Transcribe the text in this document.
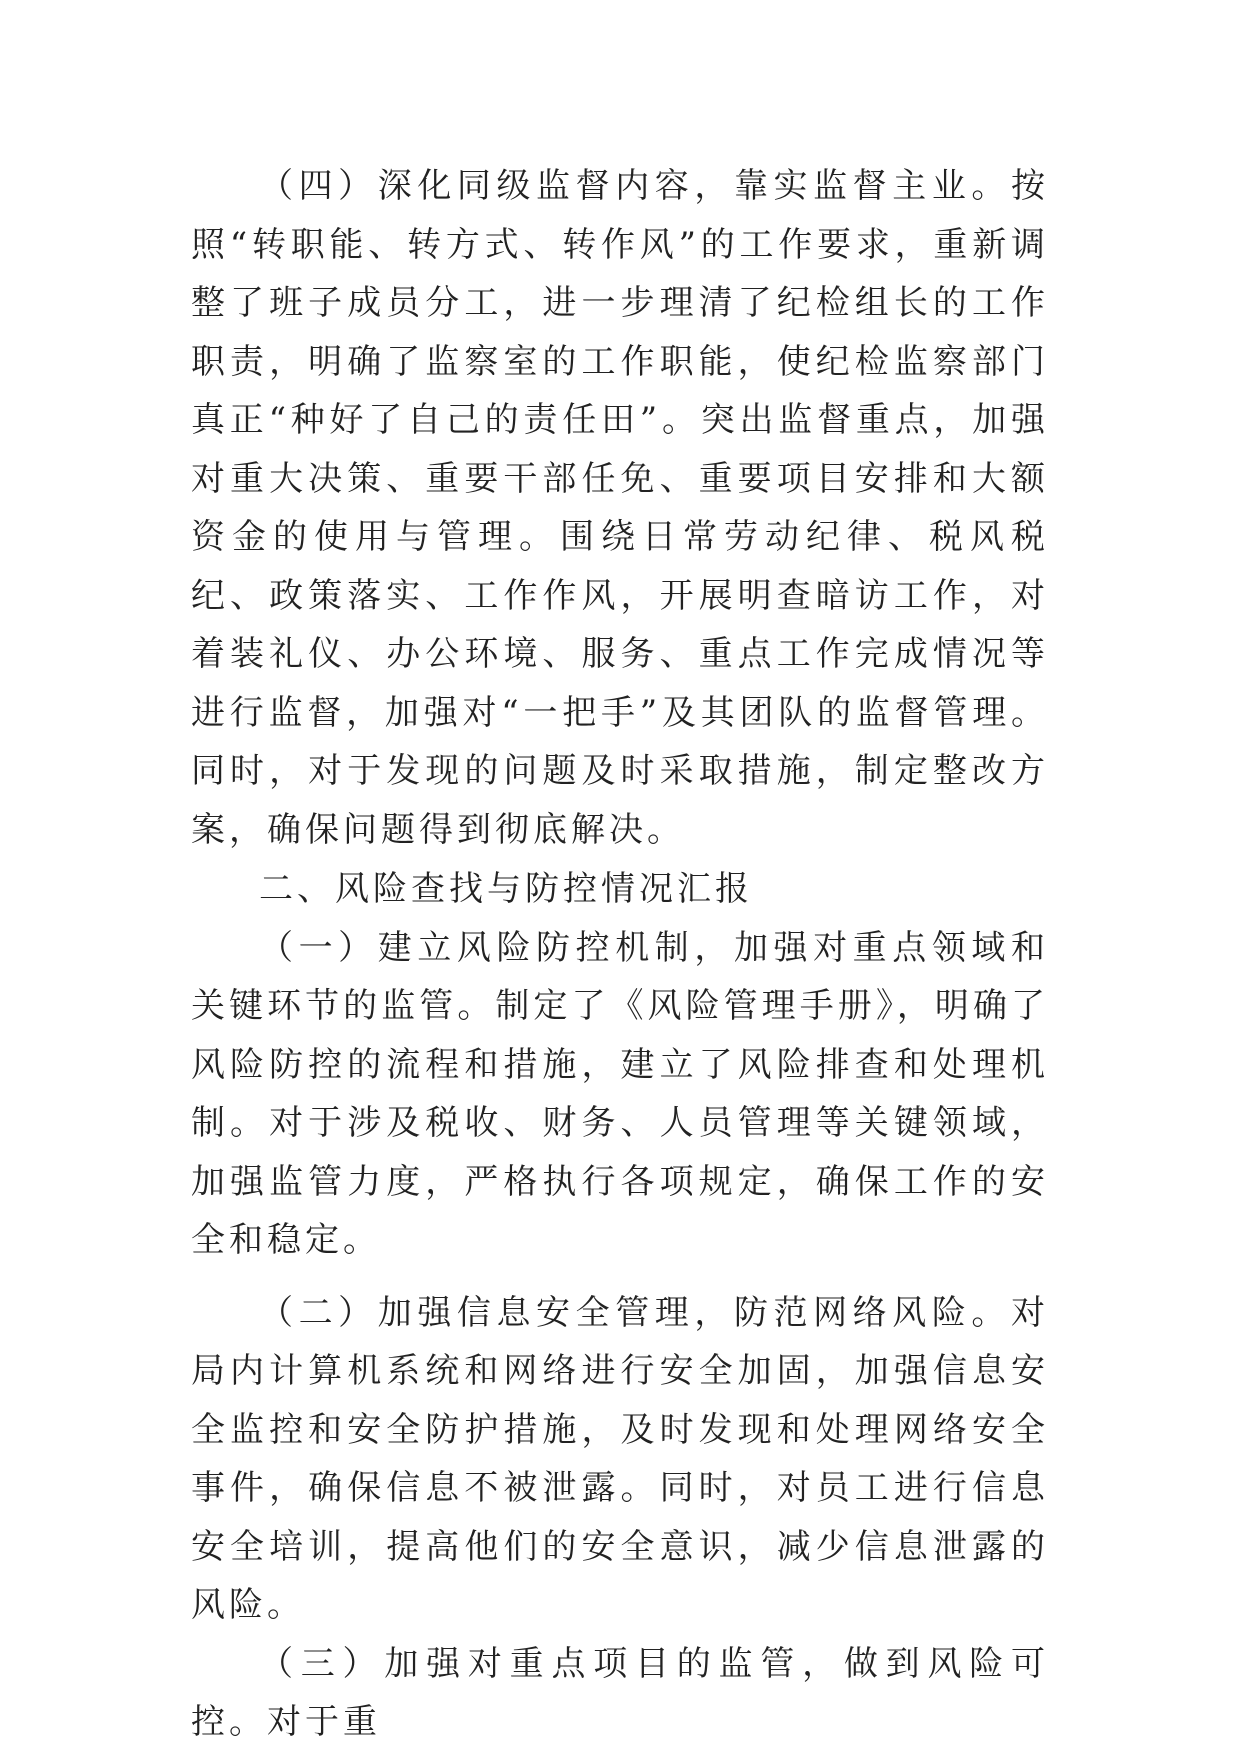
（四）深化同级监督内容，靠实监督主业。按照“转职能、转方式、转作风”的工作要求，重新调整了班子成员分工，进一步理清了纪检组长的工作职责，明确了监察室的工作职能，使纪检监察部门真正“种好了自己的责任田”。突出监督重点，加强对重大决策、重要干部任免、重要项目安排和大额资金的使用与管理。围绕日常劳动纪律、税风税纪、政策落实、工作作风，开展明查暗访工作，对着装礼仪、办公环境、服务、重点工作完成情况等进行监督，加强对“一把手”及其团队的监督管理。同时，对于发现的问题及时采取措施，制定整改方案，确保问题得到彻底解决。

二、风险查找与防控情况汇报

（一）建立风险防控机制，加强对重点领域和关键环节的监管。制定了《风险管理手册》，明确了风险防控的流程和措施，建立了风险排查和处理机制。对于涉及税收、财务、人员管理等关键领域，加强监管力度，严格执行各项规定，确保工作的安全和稳定。

（二）加强信息安全管理，防范网络风险。对局内计算机系统和网络进行安全加固，加强信息安全监控和安全防护措施，及时发现和处理网络安全事件，确保信息不被泄露。同时，对员工进行信息安全培训，提高他们的安全意识，减少信息泄露的风险。

（三）加强对重点项目的监管，做到风险可控。对于重
